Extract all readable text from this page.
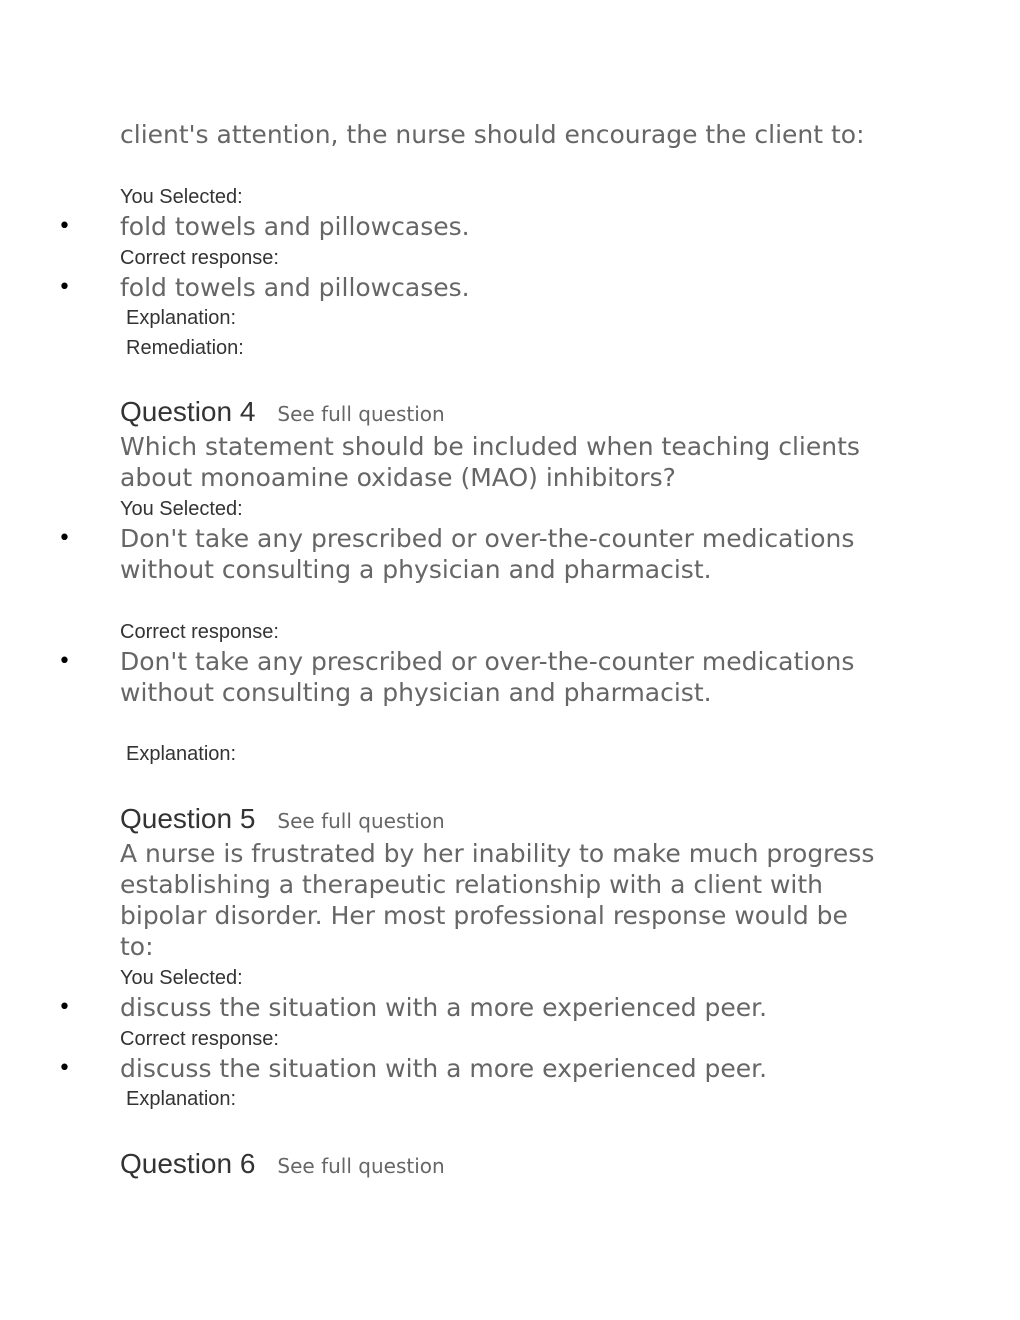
client's attention, the nurse should encourage the client to:

You Selected:
• fold towels and pillowcases.

Correct response:
• fold towels and pillowcases.

Explanation:
Remediation:
Question 4 See full question

Which statement should be included when teaching clients about monoamine oxidase (MAO) inhibitors?

You Selected:
• Don't take any prescribed or over-the-counter medications without consulting a physician and pharmacist.

Correct response:
• Don't take any prescribed or over-the-counter medications without consulting a physician and pharmacist.

Explanation:
Question 5 See full question

A nurse is frustrated by her inability to make much progress establishing a therapeutic relationship with a client with bipolar disorder. Her most professional response would be to:

You Selected:
• discuss the situation with a more experienced peer.

Correct response:
• discuss the situation with a more experienced peer.

Explanation:
Question 6 See full question
